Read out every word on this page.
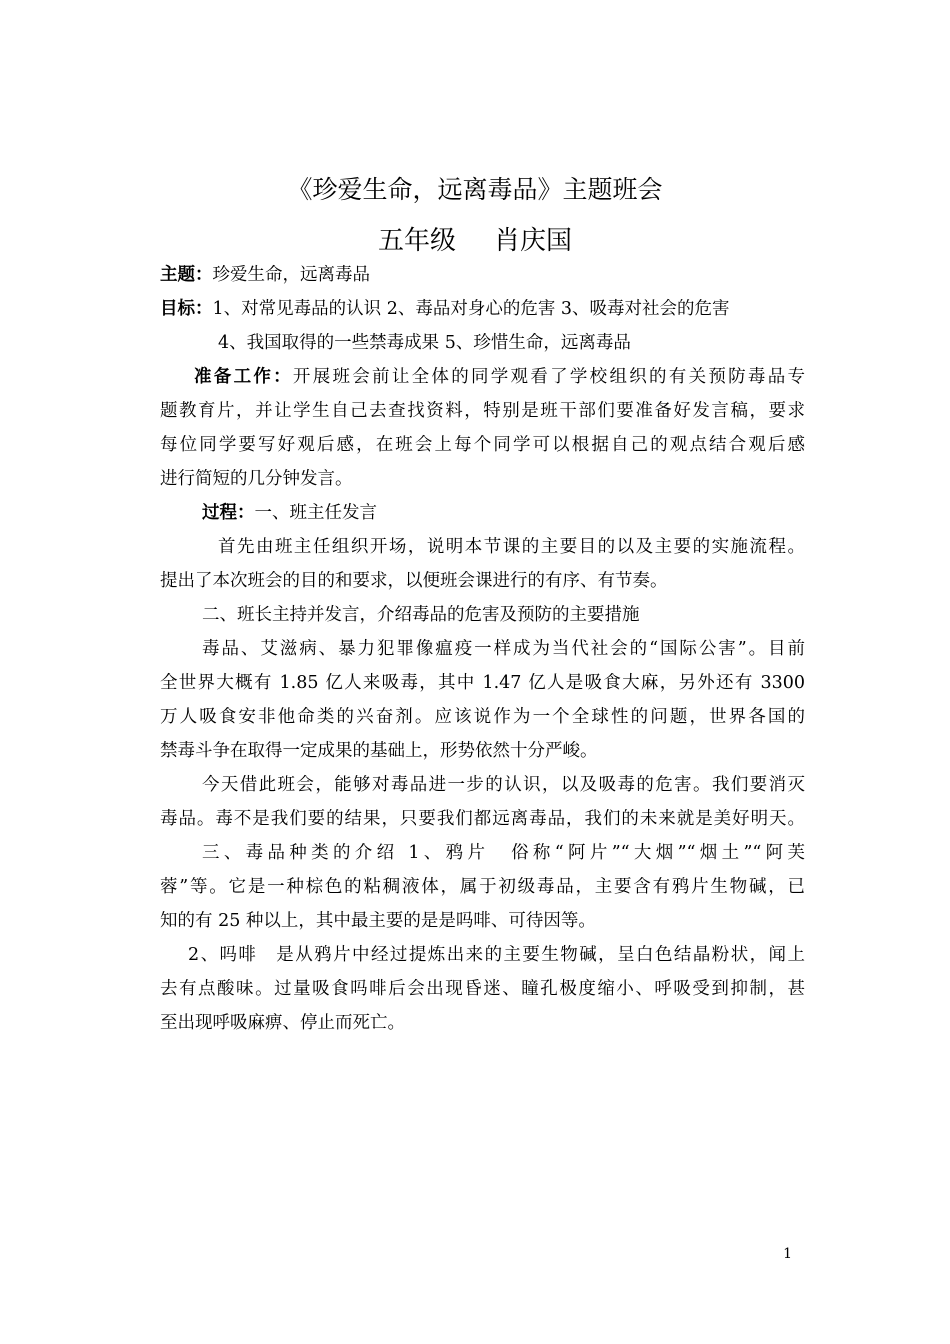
《珍爱生命，远离毒品》主题班会
五年级 肖庆国
主题：珍爱生命，远离毒品
目标：1、对常见毒品的认识 2、毒品对身心的危害 3、吸毒对社会的危害
4、我国取得的一些禁毒成果 5、珍惜生命，远离毒品
准备工作：开展班会前让全体的同学观看了学校组织的有关预防毒品专
题教育片，并让学生自己去查找资料，特别是班干部们要准备好发言稿，要求
每位同学要写好观后感，在班会上每个同学可以根据自己的观点结合观后感
进行简短的几分钟发言。
过程：一、班主任发言
首先由班主任组织开场，说明本节课的主要目的以及主要的实施流程。
提出了本次班会的目的和要求，以便班会课进行的有序、有节奏。
二、班长主持并发言，介绍毒品的危害及预防的主要措施
毒品、艾滋病、暴力犯罪像瘟疫一样成为当代社会的“国际公害”。目前
全世界大概有 1.85 亿人来吸毒，其中 1.47 亿人是吸食大麻，另外还有 3300
万人吸食安非他命类的兴奋剂。应该说作为一个全球性的问题，世界各国的
禁毒斗争在取得一定成果的基础上，形势依然十分严峻。
今天借此班会，能够对毒品进一步的认识，以及吸毒的危害。我们要消灭
毒品。毒不是我们要的结果，只要我们都远离毒品，我们的未来就是美好明天。
三、毒品种类的介绍 1、鸦片　俗称“阿片”“大烟”“烟土”“阿芙
蓉”等。它是一种棕色的粘稠液体，属于初级毒品，主要含有鸦片生物碱，已
知的有 25 种以上，其中最主要的是是吗啡、可待因等。
2、吗啡　是从鸦片中经过提炼出来的主要生物碱，呈白色结晶粉状，闻上
去有点酸味。过量吸食吗啡后会出现昏迷、瞳孔极度缩小、呼吸受到抑制，甚
至出现呼吸麻痹、停止而死亡。
1
